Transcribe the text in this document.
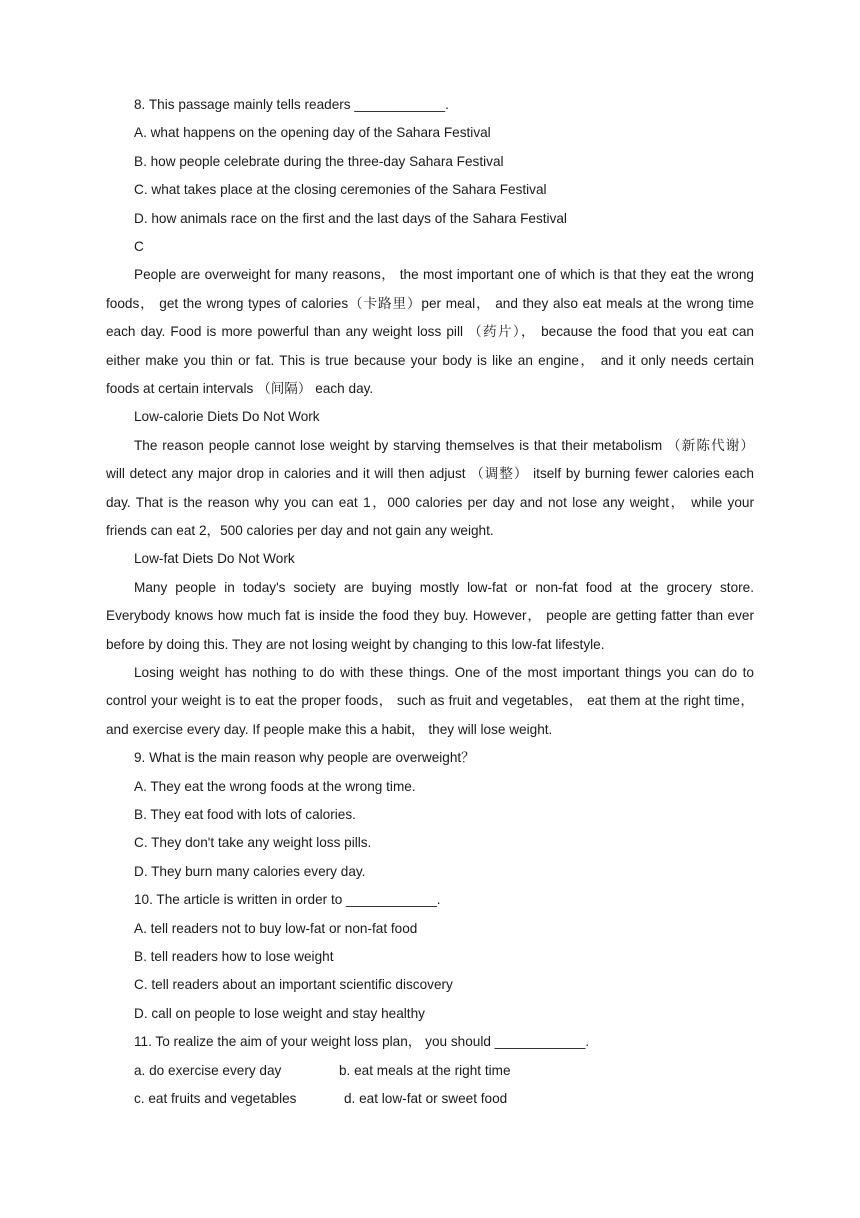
8. This passage mainly tells readers ____________.

A. what happens on the opening day of the Sahara Festival

B. how people celebrate during the three-day Sahara Festival

C. what takes place at the closing ceremonies of the Sahara Festival

D. how animals race on the first and the last days of the Sahara Festival

C

People are overweight for many reasons， the most important one of which is that they eat the wrong foods， get the wrong types of calories（卡路里）per meal， and they also eat meals at the wrong time each day. Food is more powerful than any weight loss pill （药片）， because the food that you eat can either make you thin or fat. This is true because your body is like an engine， and it only needs certain foods at certain intervals （间隔） each day.

Low-calorie Diets Do Not Work

The reason people cannot lose weight by starving themselves is that their metabolism （新陈代谢） will detect any major drop in calories and it will then adjust （调整） itself by burning fewer calories each day. That is the reason why you can eat 1，000 calories per day and not lose any weight， while your friends can eat 2，500 calories per day and not gain any weight.

Low-fat Diets Do Not Work

Many people in today's society are buying mostly low-fat or non-fat food at the grocery store. Everybody knows how much fat is inside the food they buy. However， people are getting fatter than ever before by doing this. They are not losing weight by changing to this low-fat lifestyle.

Losing weight has nothing to do with these things. One of the most important things you can do to control your weight is to eat the proper foods， such as fruit and vegetables， eat them at the right time， and exercise every day. If people make this a habit， they will lose weight.

9. What is the main reason why people are overweight？

A. They eat the wrong foods at the wrong time.

B. They eat food with lots of calories.

C. They don't take any weight loss pills.

D. They burn many calories every day.

10. The article is written in order to ____________.

A. tell readers not to buy low-fat or non-fat food

B. tell readers how to lose weight

C. tell readers about an important scientific discovery

D. call on people to lose weight and stay healthy

11. To realize the aim of your weight loss plan， you should ____________.

a. do exercise every day	b. eat meals at the right time
c. eat fruits and vegetables	d. eat low-fat or sweet food
